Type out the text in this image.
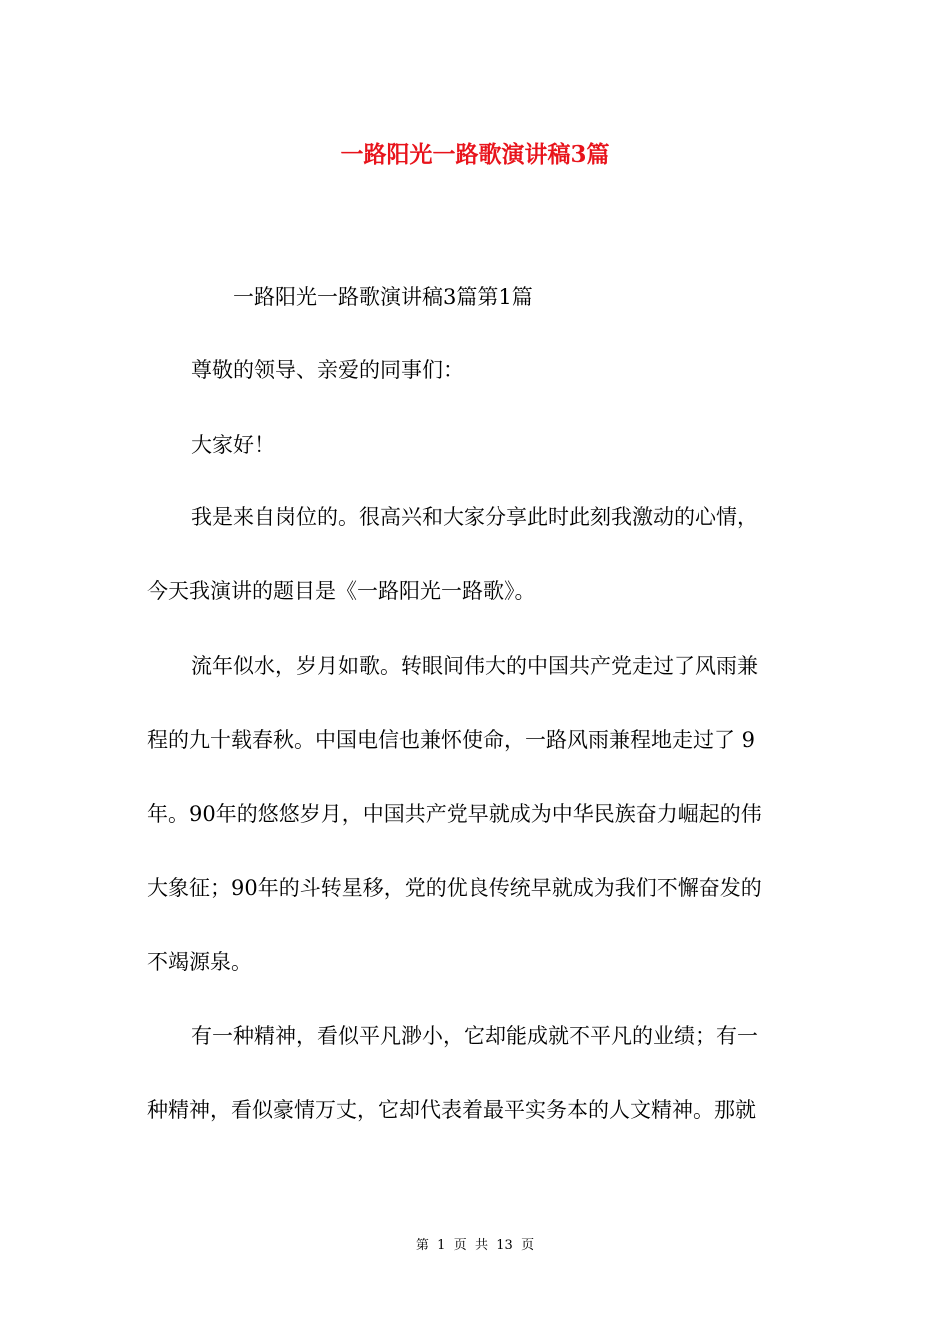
一路阳光一路歌演讲稿3篇
一路阳光一路歌演讲稿3篇第1篇
尊敬的领导、亲爱的同事们：
大家好！
我是来自岗位的。很高兴和大家分享此时此刻我激动的心情，
今天我演讲的题目是《一路阳光一路歌》。
流年似水，岁月如歌。转眼间伟大的中国共产党走过了风雨兼
程的九十载春秋。中国电信也兼怀使命，一路风雨兼程地走过了 9
年。90年的悠悠岁月，中国共产党早就成为中华民族奋力崛起的伟
大象征；90年的斗转星移，党的优良传统早就成为我们不懈奋发的
不竭源泉。
有一种精神，看似平凡渺小，它却能成就不平凡的业绩；有一
种精神，看似豪情万丈，它却代表着最平实务本的人文精神。那就
第 1 页 共 13 页
